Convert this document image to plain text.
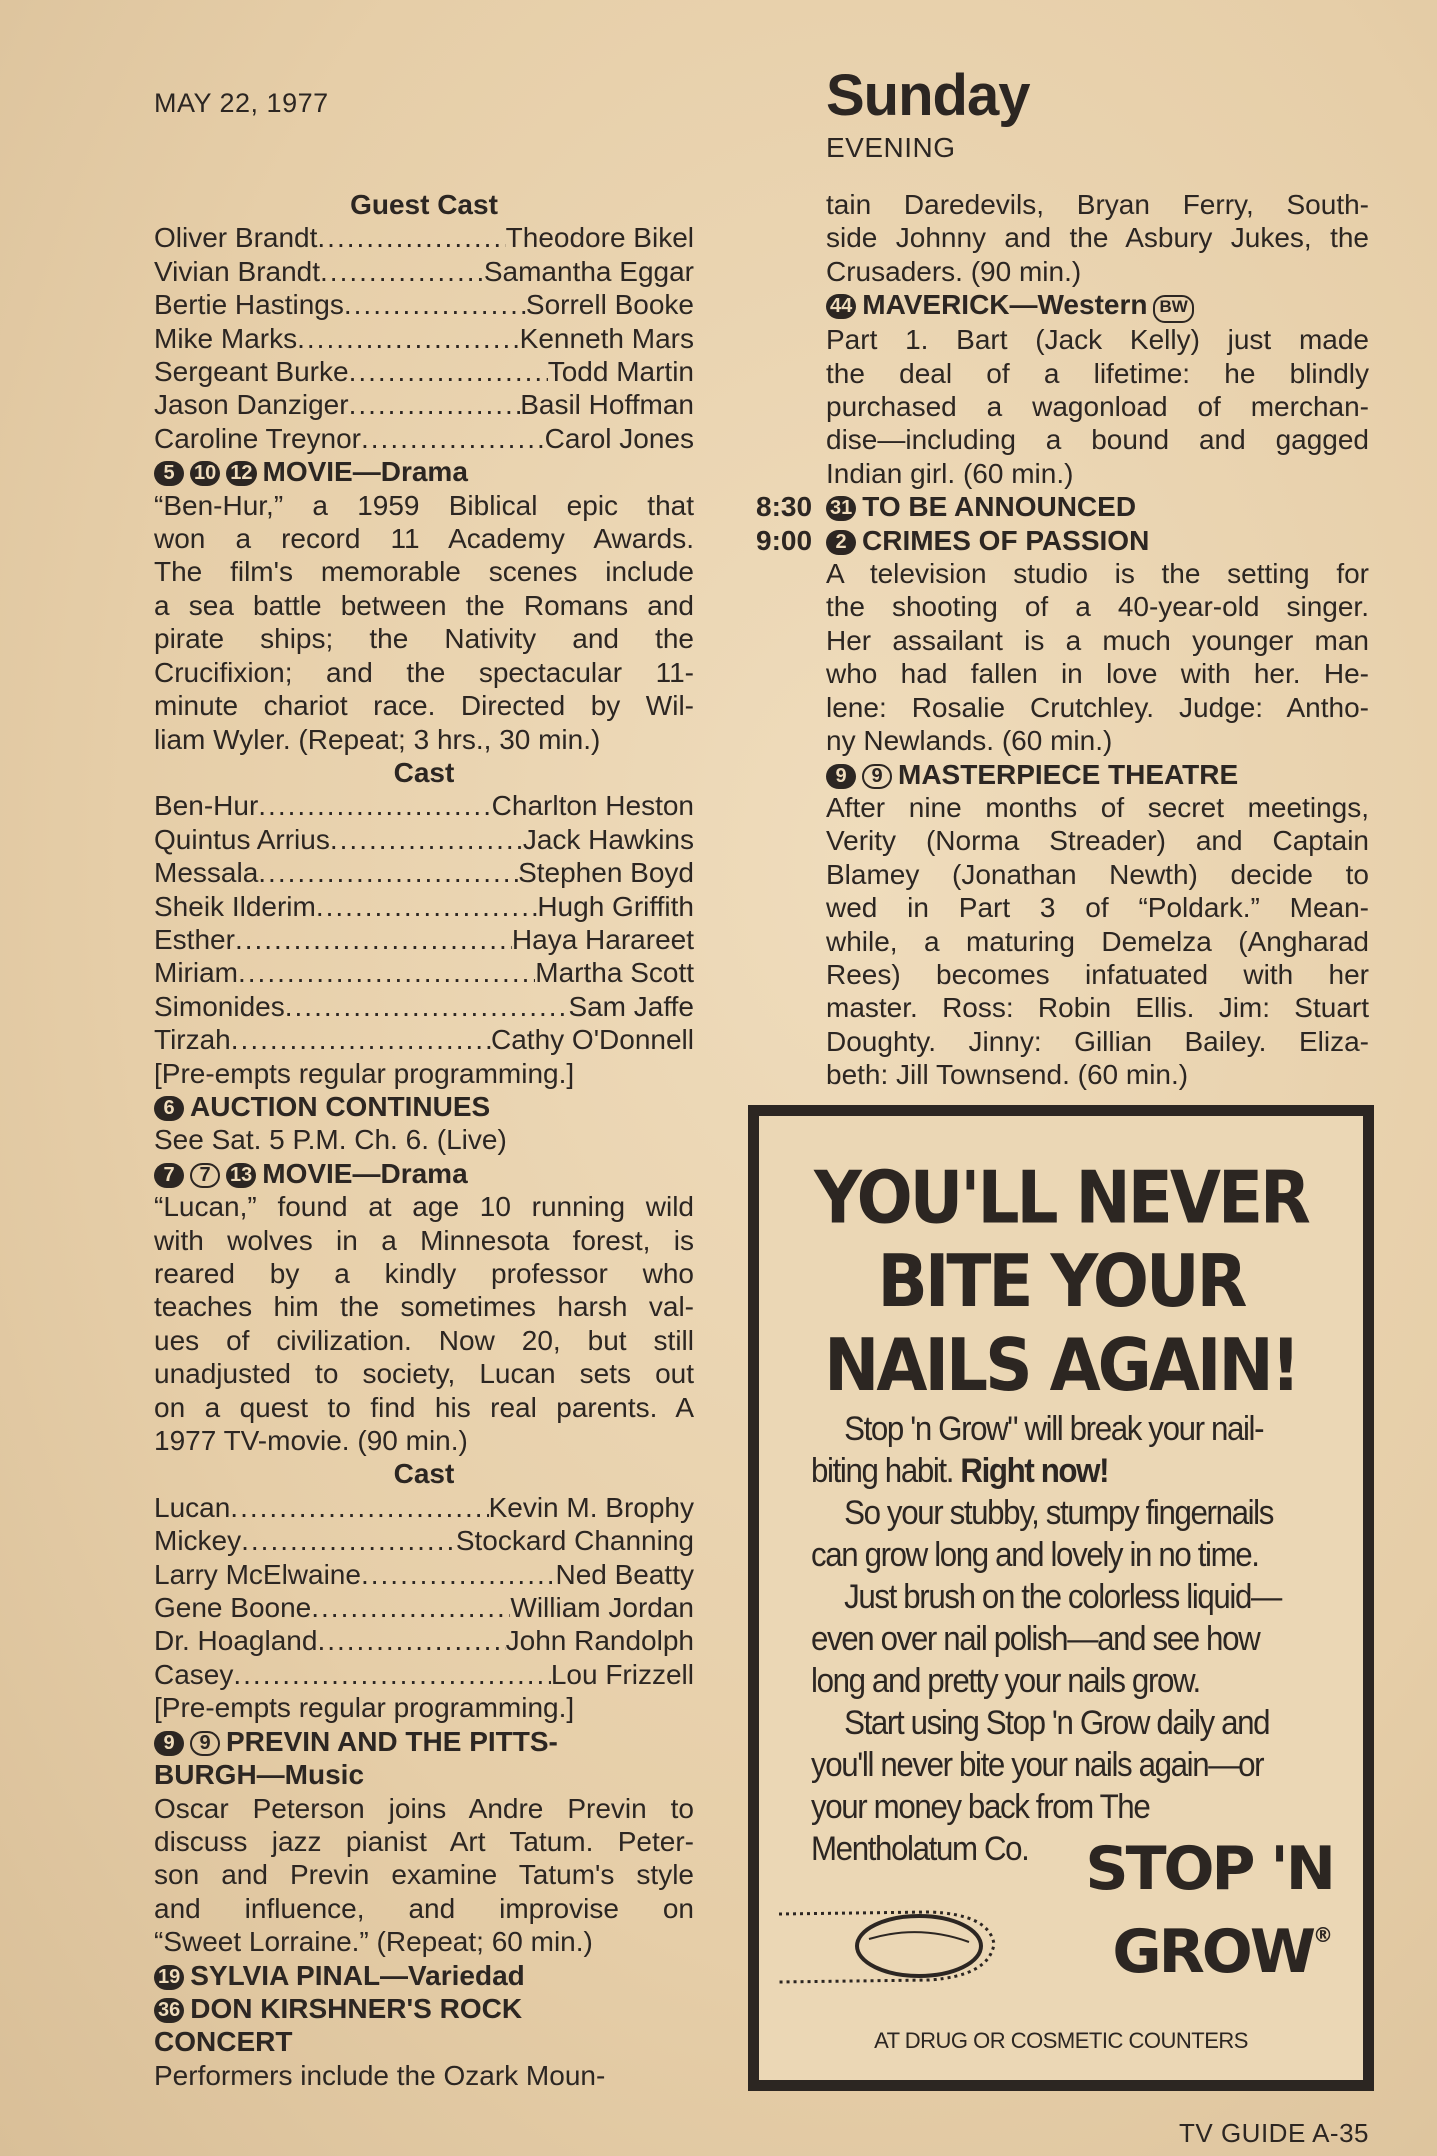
MAY 22, 1977	Sunday
EVENING
Guest Cast
Oliver Brandt .....	Theodore Bikel
Vivian Brandt .....	Samantha Eggar
Bertie Hastings .....	Sorrell Booke
Mike Marks .....	Kenneth Mars
Sergeant Burke .....	Todd Martin
Jason Danziger .....	Basil Hoffman
Caroline Treynor .....	Carol Jones
5 10 12 MOVIE—Drama
“Ben-Hur,” a 1959 Biblical epic that
won a record 11 Academy Awards.
The film's memorable scenes include
a sea battle between the Romans and
pirate ships; the Nativity and the
Crucifixion; and the spectacular 11-
minute chariot race. Directed by Wil-
liam Wyler. (Repeat; 3 hrs., 30 min.)
Cast
Ben-Hur .....	Charlton Heston
Quintus Arrius .....	Jack Hawkins
Messala .....	Stephen Boyd
Sheik Ilderim .....	Hugh Griffith
Esther .....	Haya Harareet
Miriam .....	Martha Scott
Simonides .....	Sam Jaffe
Tirzah .....	Cathy O'Donnell
[Pre-empts regular programming.]
6 AUCTION CONTINUES
See Sat. 5 P.M. Ch. 6. (Live)
7 7 13 MOVIE—Drama
“Lucan,” found at age 10 running wild
with wolves in a Minnesota forest, is
reared by a kindly professor who
teaches him the sometimes harsh val-
ues of civilization. Now 20, but still
unadjusted to society, Lucan sets out
on a quest to find his real parents. A
1977 TV-movie. (90 min.)
Cast
Lucan .....	Kevin M. Brophy
Mickey .....	Stockard Channing
Larry McElwaine .....	Ned Beatty
Gene Boone .....	William Jordan
Dr. Hoagland .....	John Randolph
Casey .....	Lou Frizzell
[Pre-empts regular programming.]
9 9 PREVIN AND THE PITTS-
BURGH—Music
Oscar Peterson joins Andre Previn to
discuss jazz pianist Art Tatum. Peter-
son and Previn examine Tatum's style
and influence, and improvise on
“Sweet Lorraine.” (Repeat; 60 min.)
19 SYLVIA PINAL—Variedad
36 DON KIRSHNER'S ROCK
CONCERT
Performers include the Ozark Moun-
tain Daredevils, Bryan Ferry, South-
side Johnny and the Asbury Jukes, the
Crusaders. (90 min.)
44 MAVERICK—Western BW
Part 1. Bart (Jack Kelly) just made
the deal of a lifetime: he blindly
purchased a wagonload of merchan-
dise—including a bound and gagged
Indian girl. (60 min.)
8:30 31 TO BE ANNOUNCED
9:00 2 CRIMES OF PASSION
A television studio is the setting for
the shooting of a 40-year-old singer.
Her assailant is a much younger man
who had fallen in love with her. He-
lene: Rosalie Crutchley. Judge: Antho-
ny Newlands. (60 min.)
9 9 MASTERPIECE THEATRE
After nine months of secret meetings,
Verity (Norma Streader) and Captain
Blamey (Jonathan Newth) decide to
wed in Part 3 of “Poldark.” Mean-
while, a maturing Demelza (Angharad
Rees) becomes infatuated with her
master. Ross: Robin Ellis. Jim: Stuart
Doughty. Jinny: Gillian Bailey. Eliza-
beth: Jill Townsend. (60 min.)
YOU'LL NEVER
BITE YOUR
NAILS AGAIN!

Stop 'n Grow" will break your nail-biting habit. Right now!

So your stubby, stumpy fingernails can grow long and lovely in no time.

Just brush on the colorless liquid—even over nail polish—and see how long and pretty your nails grow.

Start using Stop 'n Grow daily and you'll never bite your nails again—or your money back from The Mentholatum Co. STOP 'N
GROW®
AT DRUG OR COSMETIC COUNTERS
TV GUIDE A-35
